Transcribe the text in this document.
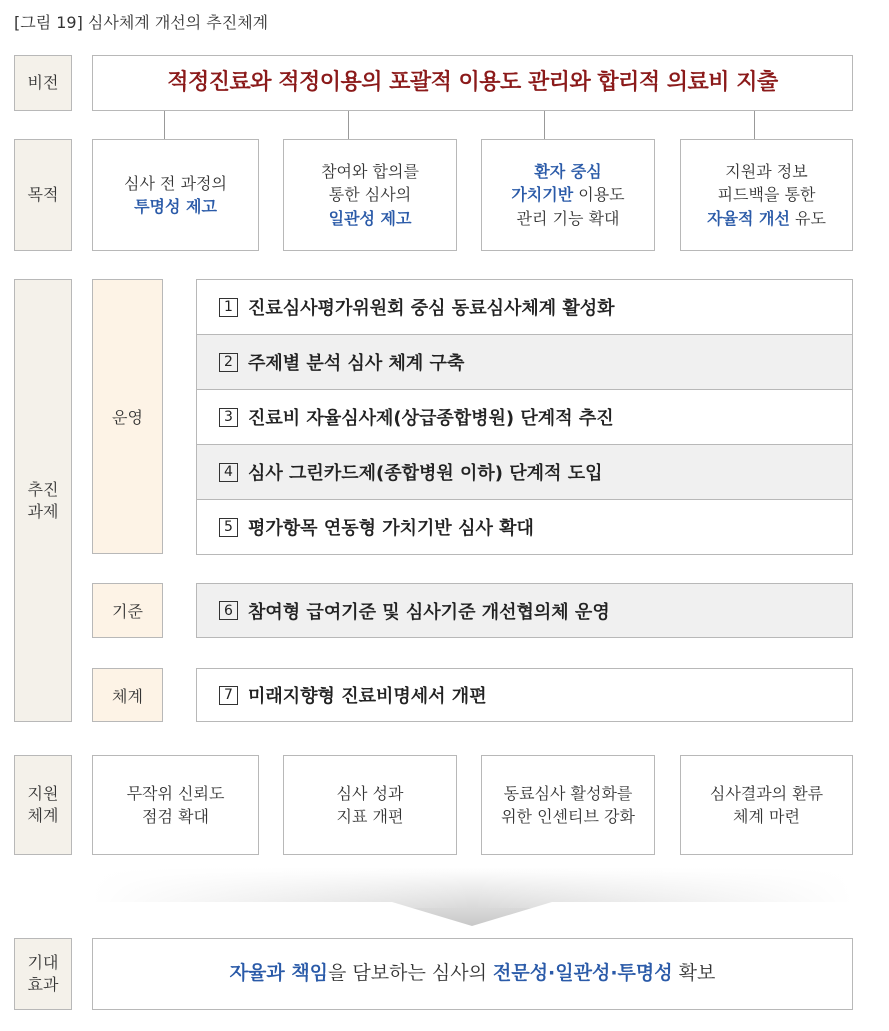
[그림 19] 심사체계 개선의 추진체계
비전	적정진료와 적정이용의 포괄적 이용도 관리와 합리적 의료비 지출
목적
심사 전 과정의
투명성 제고
참여와 합의를
통한 심사의
일관성 제고
환자 중심
가치기반 이용도
관리 기능 확대
지원과 정보
피드백을 통한
자율적 개선 유도
추진
과제
운영
기준
체계
1 진료심사평가위원회 중심 동료심사체계 활성화
2 주제별 분석 심사 체계 구축
3 진료비 자율심사제(상급종합병원) 단계적 추진
4 심사 그린카드제(종합병원 이하) 단계적 도입
5 평가항목 연동형 가치기반 심사 확대
6 참여형 급여기준 및 심사기준 개선협의체 운영
7 미래지향형 진료비명세서 개편
지원
체계
무작위 신뢰도
점검 확대
심사 성과
지표 개편
동료심사 활성화를
위한 인센티브 강화
심사결과의 환류
체계 마련
기대
효과
자율과 책임을 담보하는 심사의 전문성·일관성·투명성 확보
